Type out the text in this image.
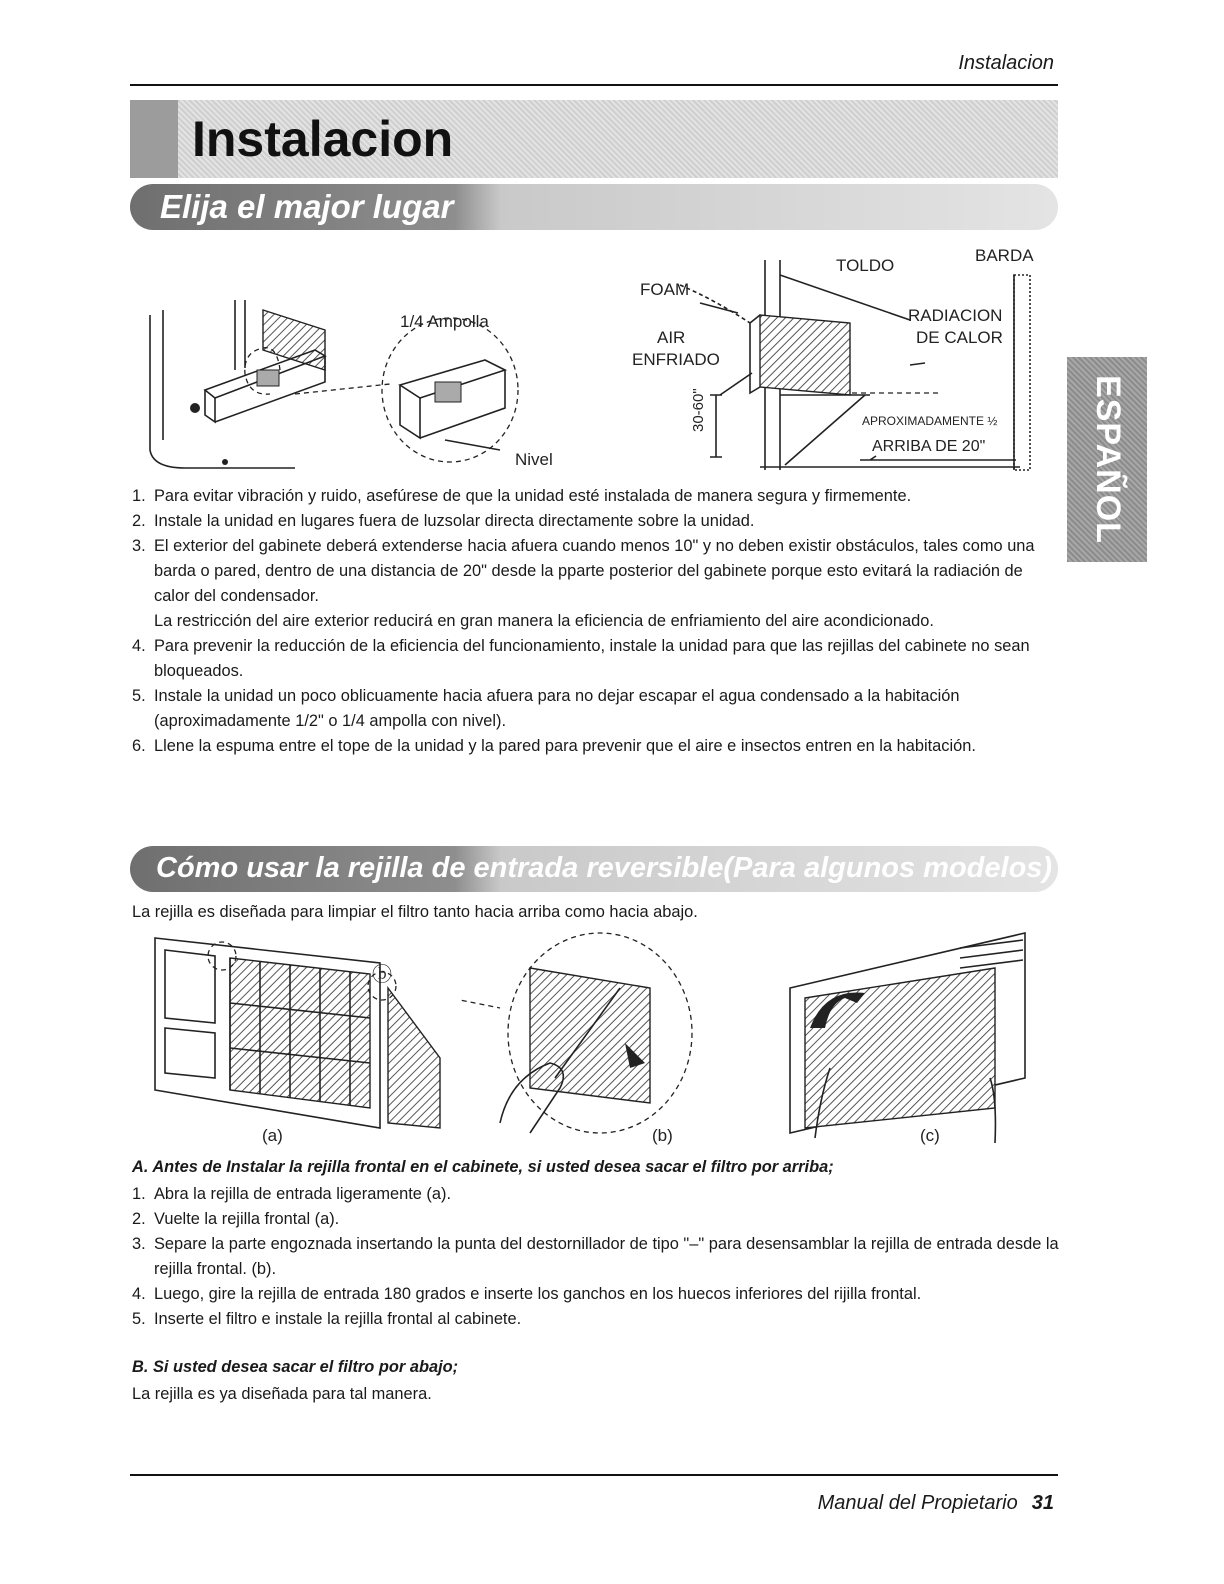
Instalacion
Instalacion
Elija el major lugar
ESPAÑOL
1/4 Ampolla
Nivel
TOLDO
BARDA
FOAM
AIR
ENFRIADO
RADIACION
DE CALOR
30-60"	APROXIMADAMENTE ½
ARRIBA DE 20"
1. Para evitar vibración y ruido, asefúrese de que la unidad esté instalada de manera segura y firmemente.
2. Instale la unidad en lugares fuera de luzsolar directa directamente sobre la unidad.
3. El exterior del gabinete deberá extenderse hacia afuera cuando menos 10" y no deben existir obstáculos, tales como una barda o pared, dentro de una distancia de 20" desde la pparte posterior del gabinete porque esto evitará la radiación de calor del condensador.
La restricción del aire exterior reducirá en gran manera la eficiencia de enfriamiento del aire acondicionado.
4. Para prevenir la reducción de la eficiencia del funcionamiento, instale la unidad para que las rejillas del cabinete no sean bloqueados.
5. Instale la unidad un poco oblicuamente hacia afuera para no dejar escapar el agua condensado a la habitación (aproximadamente 1/2" o 1/4 ampolla con nivel).
6. Llene la espuma entre el tope de la unidad y la pared para prevenir que el aire e insectos entren en la habitación.
Cómo usar la rejilla de entrada reversible(Para algunos modelos)
La rejilla es diseñada para limpiar el filtro tanto hacia arriba como hacia abajo.
(a)	(b)	(c)
ⓑ
A. Antes de Instalar la rejilla frontal en el cabinete, si usted desea sacar el filtro por arriba;
1. Abra la rejilla de entrada ligeramente (a).
2. Vuelte la rejilla frontal (a).
3. Separe la parte engoznada insertando la punta del destornillador de tipo "–" para desensamblar la rejilla de entrada desde la rejilla frontal. (b).
4. Luego, gire la rejilla de entrada 180 grados e inserte los ganchos en los huecos inferiores del rijilla frontal.
5. Inserte el filtro e instale la rejilla frontal al cabinete.
B. Si usted desea sacar el filtro por abajo;
La rejilla es ya diseñada para tal manera.
Manual del Propietario 31
